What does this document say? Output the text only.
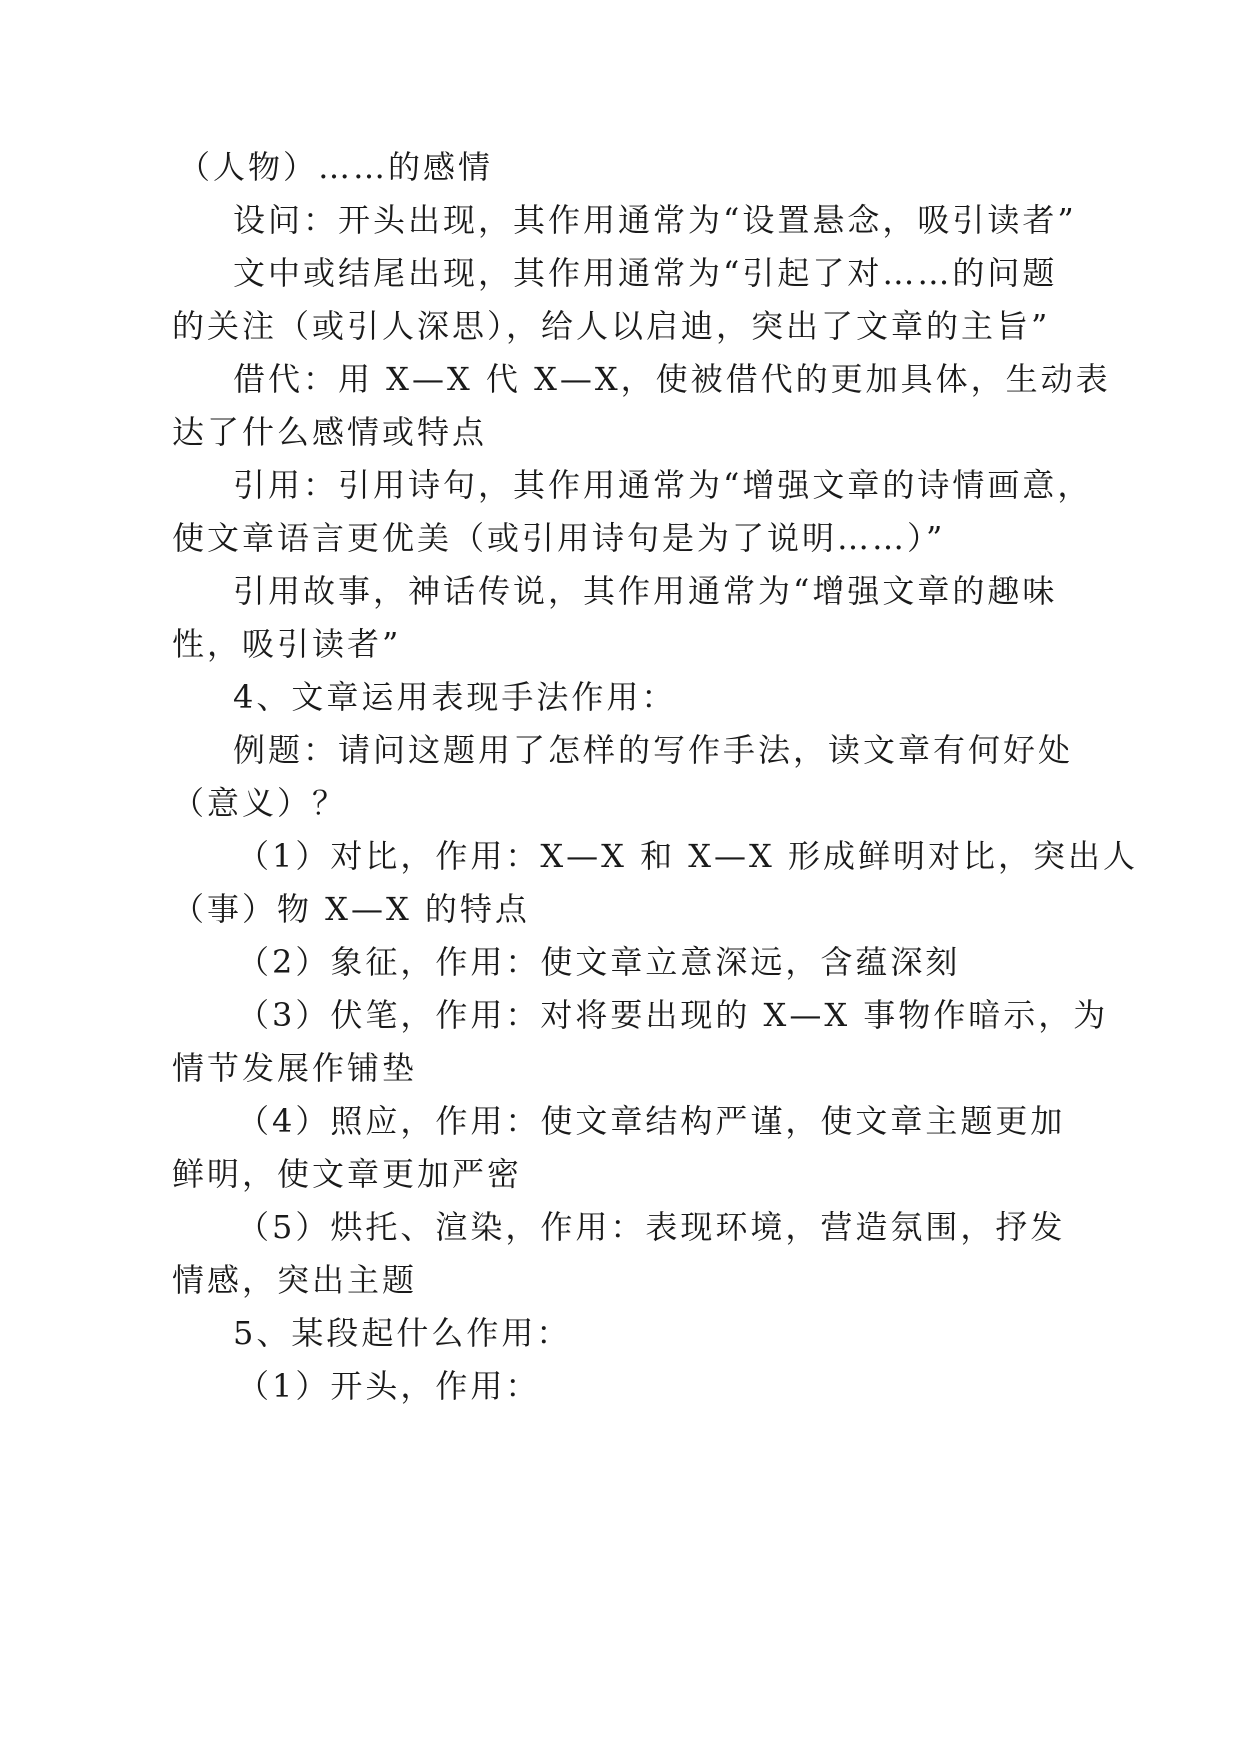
（人物）……的感情
设问：开头出现，其作用通常为“设置悬念，吸引读者”
文中或结尾出现，其作用通常为“引起了对……的问题
的关注（或引人深思），给人以启迪，突出了文章的主旨”
借代：用 X—X 代 X—X，使被借代的更加具体，生动表
达了什么感情或特点
引用：引用诗句，其作用通常为“增强文章的诗情画意，
使文章语言更优美（或引用诗句是为了说明……）”
引用故事，神话传说，其作用通常为“增强文章的趣味
性，吸引读者”
4、文章运用表现手法作用：
例题：请问这题用了怎样的写作手法，读文章有何好处
（意义）？
（1）对比，作用：X—X 和 X—X 形成鲜明对比，突出人
（事）物 X—X 的特点
（2）象征，作用：使文章立意深远，含蕴深刻
（3）伏笔，作用：对将要出现的 X—X 事物作暗示，为
情节发展作铺垫
（4）照应，作用：使文章结构严谨，使文章主题更加
鲜明，使文章更加严密
（5）烘托、渲染，作用：表现环境，营造氛围，抒发
情感，突出主题
5、某段起什么作用：
（1）开头，作用：
